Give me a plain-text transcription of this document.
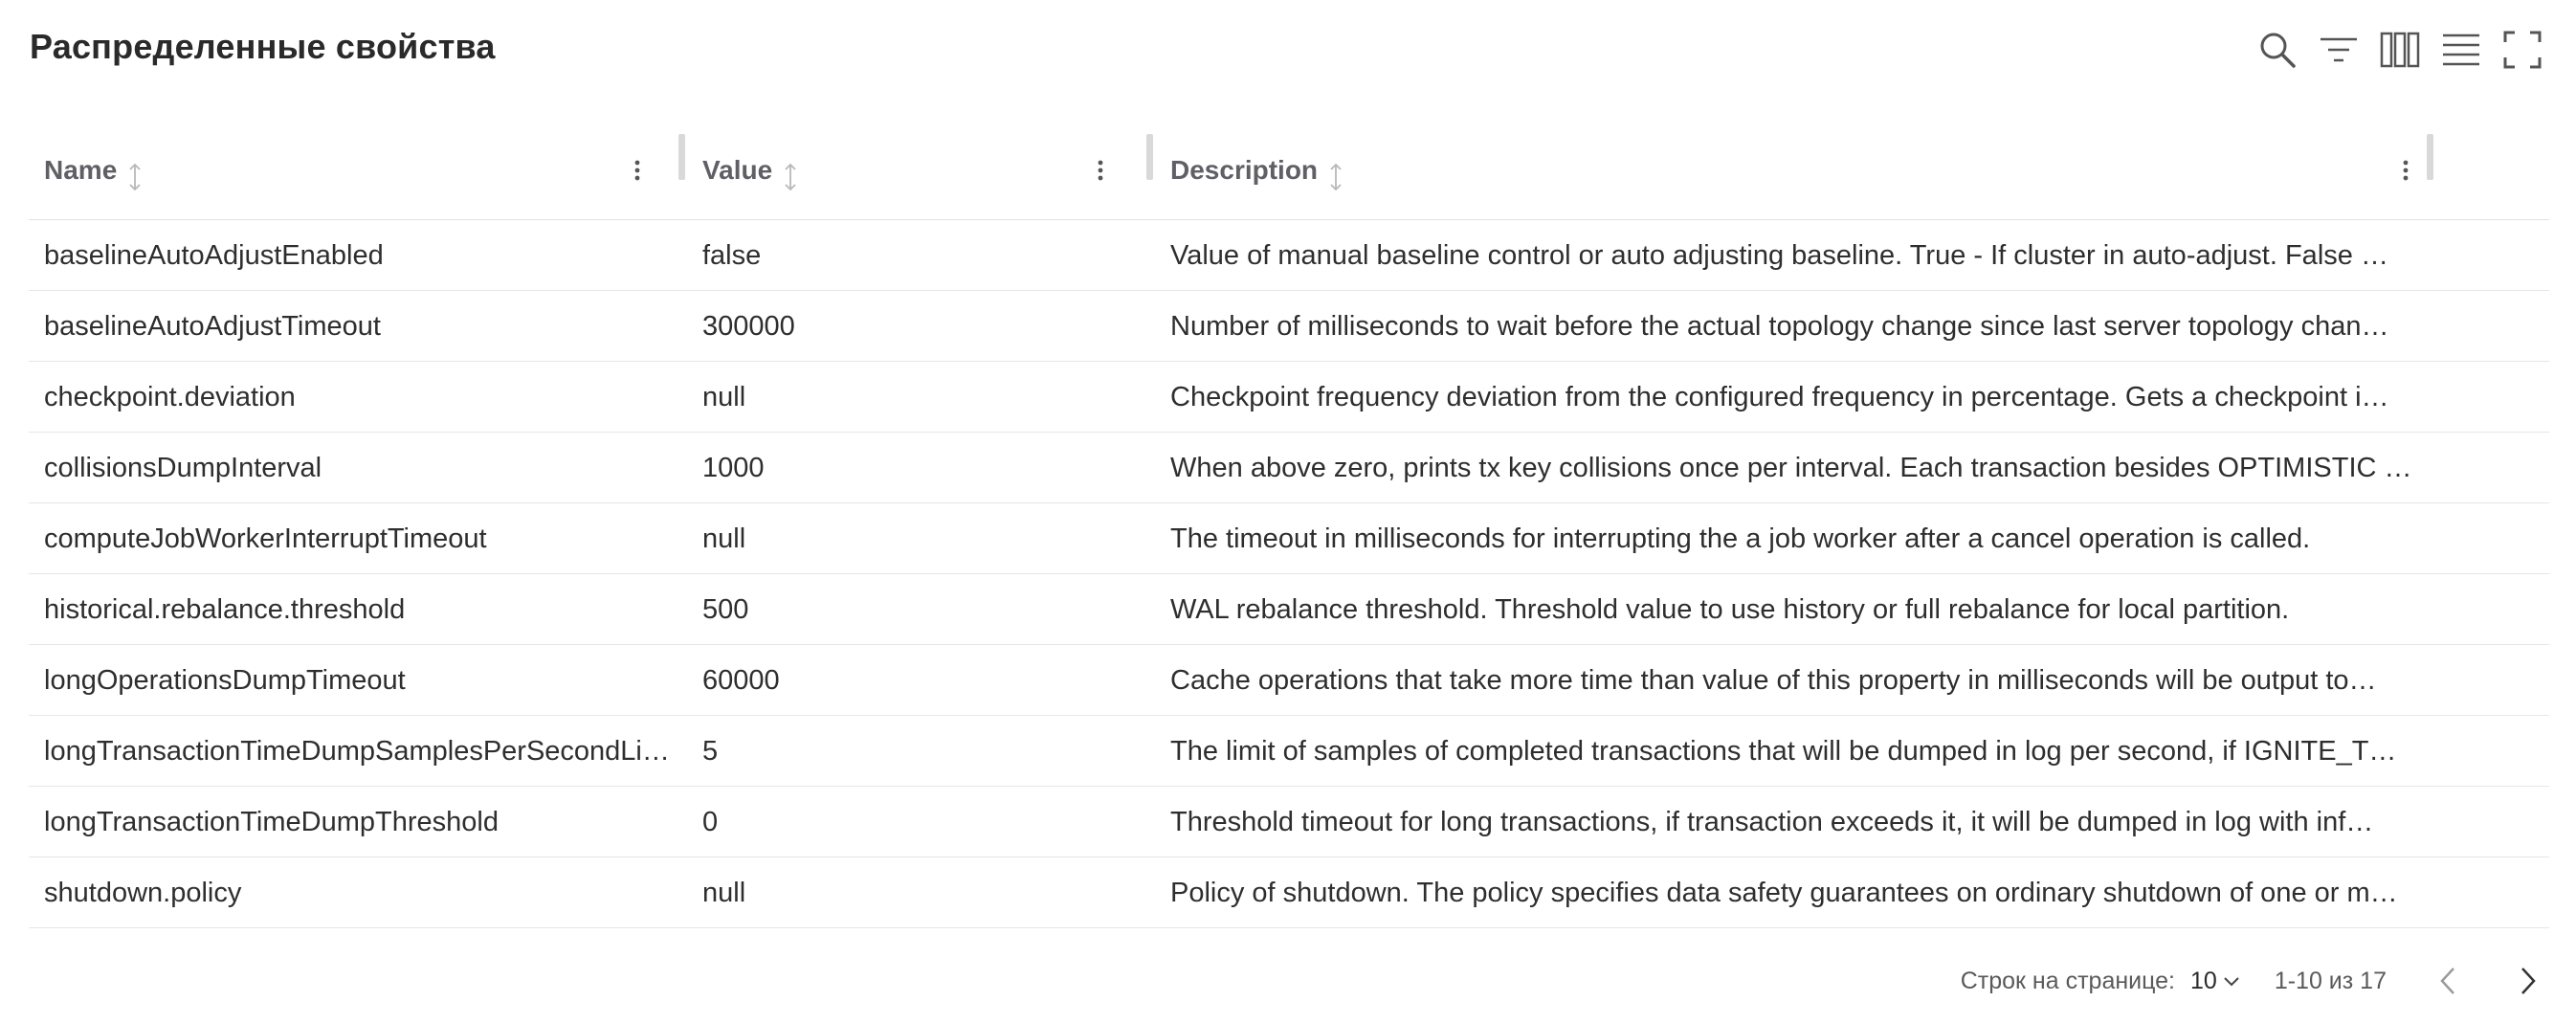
Распределенные свойства
Name	Value	Description
baselineAutoAdjustEnabled	false	Value of manual baseline control or auto adjusting baseline. True - If cluster in auto-adjust. False …
baselineAutoAdjustTimeout	300000	Number of milliseconds to wait before the actual topology change since last server topology chan…
checkpoint.deviation	null	Checkpoint frequency deviation from the configured frequency in percentage. Gets a checkpoint i…
collisionsDumpInterval	1000	When above zero, prints tx key collisions once per interval. Each transaction besides OPTIMISTIC …
computeJobWorkerInterruptTimeout	null	The timeout in milliseconds for interrupting the a job worker after a cancel operation is called.
historical.rebalance.threshold	500	WAL rebalance threshold. Threshold value to use history or full rebalance for local partition.
longOperationsDumpTimeout	60000	Cache operations that take more time than value of this property in milliseconds will be output to…
longTransactionTimeDumpSamplesPerSecondLi…	5	The limit of samples of completed transactions that will be dumped in log per second, if IGNITE_T…
longTransactionTimeDumpThreshold	0	Threshold timeout for long transactions, if transaction exceeds it, it will be dumped in log with inf…
shutdown.policy	null	Policy of shutdown. The policy specifies data safety guarantees on ordinary shutdown of one or m…
Строк на странице: 10 1-10 из 17
